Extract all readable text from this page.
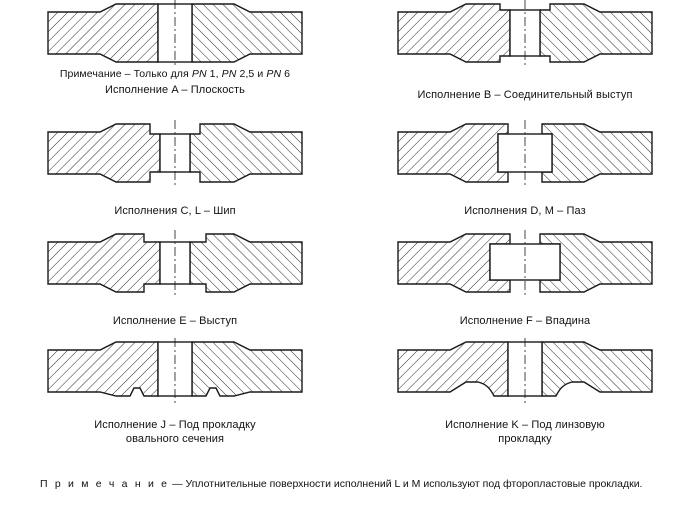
Примечание – Только для PN 1, PN 2,5 и PN 6
Исполнение A – Плоскость	Исполнение B – Соединительный выступ
Исполнения C, L – Шип	Исполнения D, M – Паз
Исполнение E – Выступ	Исполнение F – Впадина
Исполнение J – Под прокладку
овального сечения
Исполнение K – Под линзовую
прокладку
П р и м е ч а н и е — Уплотнительные поверхности исполнений L и M используют под фторопластовые прокладки.
